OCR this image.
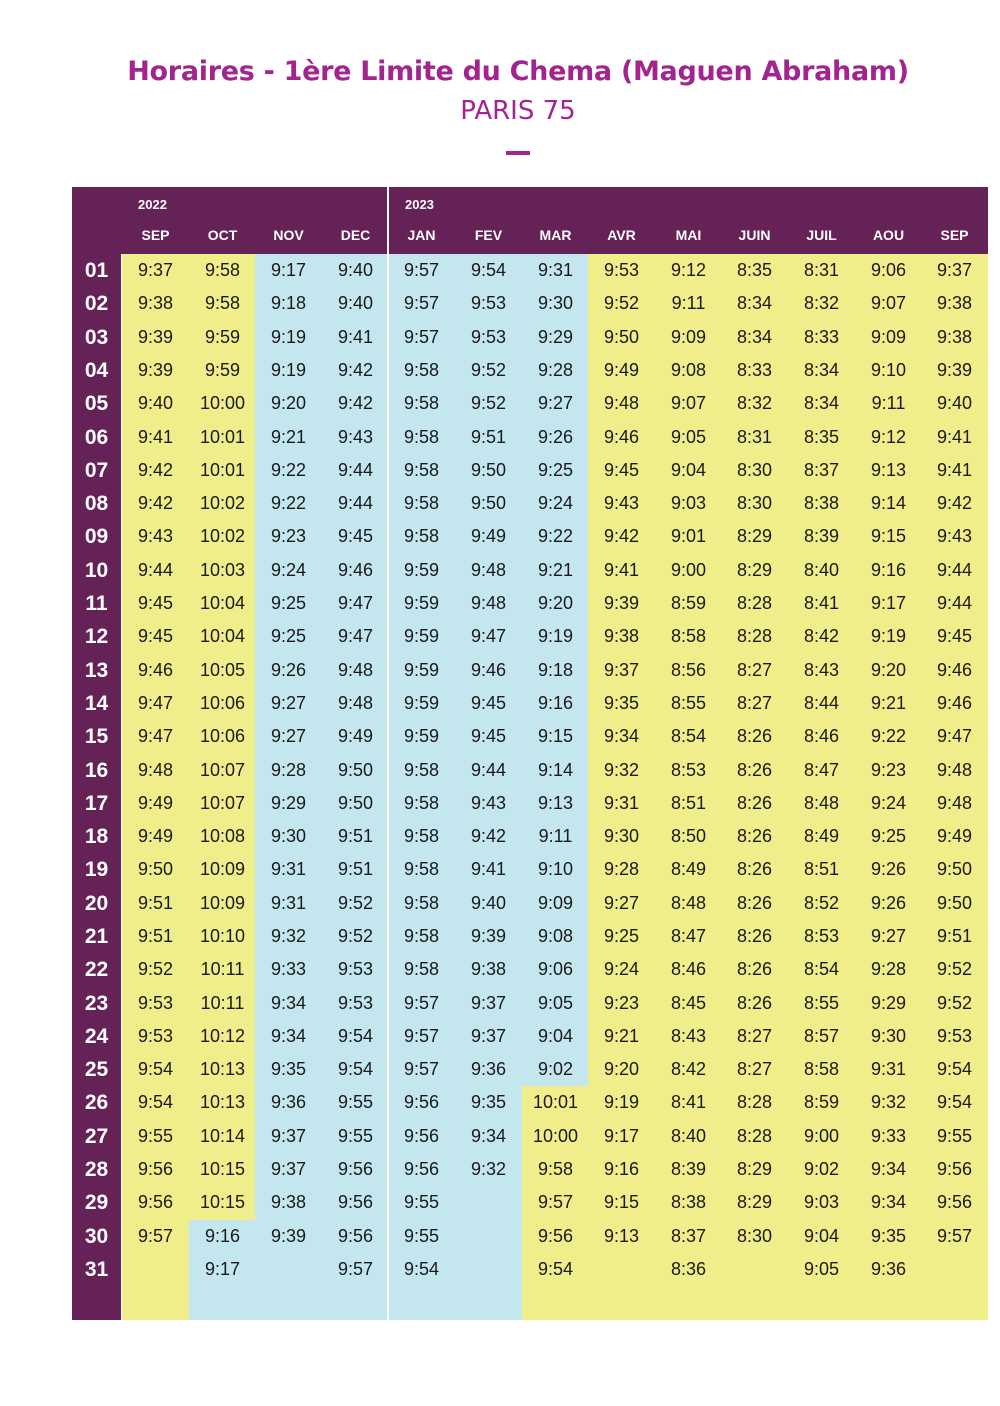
Horaires - 1ère Limite du Chema (Maguen Abraham)
PARIS 75
2022	2023
SEP
9:37
9:38
9:39
9:39
9:40
9:41
9:42
9:42
9:43
9:44
9:45
9:45
9:46
9:47
9:47
9:48
9:49
9:49
9:50
9:51
9:51
9:52
9:53
9:53
9:54
9:54
9:55
9:56
9:56
9:57
OCT
9:58
9:58
9:59
9:59
10:00
10:01
10:01
10:02
10:02
10:03
10:04
10:04
10:05
10:06
10:06
10:07
10:07
10:08
10:09
10:09
10:10
10:11
10:11
10:12
10:13
10:13
10:14
10:15
10:15
9:16
9:17
NOV
9:17
9:18
9:19
9:19
9:20
9:21
9:22
9:22
9:23
9:24
9:25
9:25
9:26
9:27
9:27
9:28
9:29
9:30
9:31
9:31
9:32
9:33
9:34
9:34
9:35
9:36
9:37
9:37
9:38
9:39
DEC
9:40
9:40
9:41
9:42
9:42
9:43
9:44
9:44
9:45
9:46
9:47
9:47
9:48
9:48
9:49
9:50
9:50
9:51
9:51
9:52
9:52
9:53
9:53
9:54
9:54
9:55
9:55
9:56
9:56
9:56
9:57
JAN
9:57
9:57
9:57
9:58
9:58
9:58
9:58
9:58
9:58
9:59
9:59
9:59
9:59
9:59
9:59
9:58
9:58
9:58
9:58
9:58
9:58
9:58
9:57
9:57
9:57
9:56
9:56
9:56
9:55
9:55
9:54
FEV
9:54
9:53
9:53
9:52
9:52
9:51
9:50
9:50
9:49
9:48
9:48
9:47
9:46
9:45
9:45
9:44
9:43
9:42
9:41
9:40
9:39
9:38
9:37
9:37
9:36
9:35
9:34
9:32
MAR
9:31
9:30
9:29
9:28
9:27
9:26
9:25
9:24
9:22
9:21
9:20
9:19
9:18
9:16
9:15
9:14
9:13
9:11
9:10
9:09
9:08
9:06
9:05
9:04
9:02
10:01
10:00
9:58
9:57
9:56
9:54
AVR
9:53
9:52
9:50
9:49
9:48
9:46
9:45
9:43
9:42
9:41
9:39
9:38
9:37
9:35
9:34
9:32
9:31
9:30
9:28
9:27
9:25
9:24
9:23
9:21
9:20
9:19
9:17
9:16
9:15
9:13
MAI
9:12
9:11
9:09
9:08
9:07
9:05
9:04
9:03
9:01
9:00
8:59
8:58
8:56
8:55
8:54
8:53
8:51
8:50
8:49
8:48
8:47
8:46
8:45
8:43
8:42
8:41
8:40
8:39
8:38
8:37
8:36
JUIN
8:35
8:34
8:34
8:33
8:32
8:31
8:30
8:30
8:29
8:29
8:28
8:28
8:27
8:27
8:26
8:26
8:26
8:26
8:26
8:26
8:26
8:26
8:26
8:27
8:27
8:28
8:28
8:29
8:29
8:30
JUIL
8:31
8:32
8:33
8:34
8:34
8:35
8:37
8:38
8:39
8:40
8:41
8:42
8:43
8:44
8:46
8:47
8:48
8:49
8:51
8:52
8:53
8:54
8:55
8:57
8:58
8:59
9:00
9:02
9:03
9:04
9:05
AOU
9:06
9:07
9:09
9:10
9:11
9:12
9:13
9:14
9:15
9:16
9:17
9:19
9:20
9:21
9:22
9:23
9:24
9:25
9:26
9:26
9:27
9:28
9:29
9:30
9:31
9:32
9:33
9:34
9:34
9:35
9:36
SEP
9:37
9:38
9:38
9:39
9:40
9:41
9:41
9:42
9:43
9:44
9:44
9:45
9:46
9:46
9:47
9:48
9:48
9:49
9:50
9:50
9:51
9:52
9:52
9:53
9:54
9:54
9:55
9:56
9:56
9:57
01
02
03
04
05
06
07
08
09
10
11
12
13
14
15
16
17
18
19
20
21
22
23
24
25
26
27
28
29
30
31
